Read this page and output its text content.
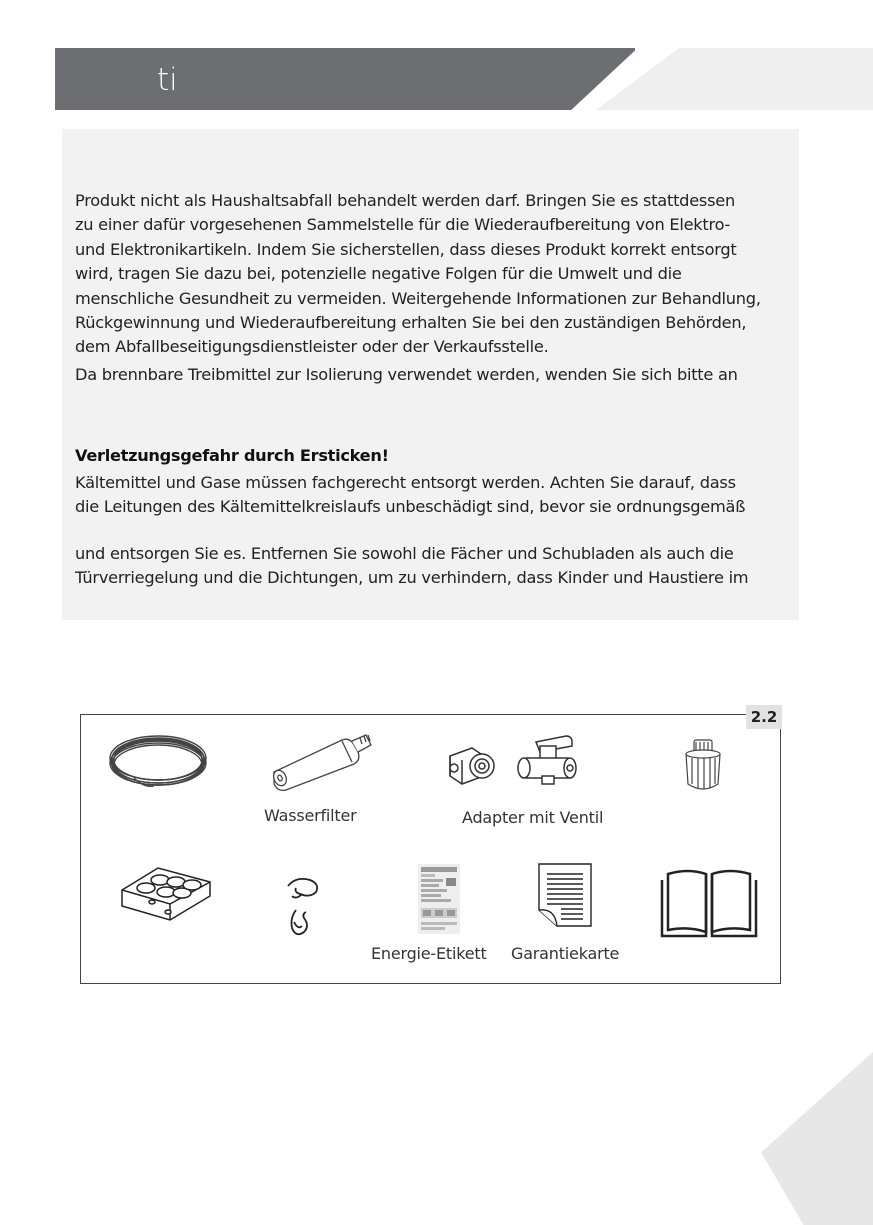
ti

Produkt nicht als Haushaltsabfall behandelt werden darf. Bringen Sie es stattdessen
zu einer dafür vorgesehenen Sammelstelle für die Wiederaufbereitung von Elektro-
und Elektronikartikeln. Indem Sie sicherstellen, dass dieses Produkt korrekt entsorgt
wird, tragen Sie dazu bei, potenzielle negative Folgen für die Umwelt und die
menschliche Gesundheit zu vermeiden. Weitergehende Informationen zur Behandlung,
Rückgewinnung und Wiederaufbereitung erhalten Sie bei den zuständigen Behörden,
dem Abfallbeseitigungsdienstleister oder der Verkaufsstelle.

Da brennbare Treibmittel zur Isolierung verwendet werden, wenden Sie sich bitte an

Verletzungsgefahr durch Ersticken!

Kältemittel und Gase müssen fachgerecht entsorgt werden. Achten Sie darauf, dass
die Leitungen des Kältemittelkreislaufs unbeschädigt sind, bevor sie ordnungsgemäß

und entsorgen Sie es. Entfernen Sie sowohl die Fächer und Schubladen als auch die
Türverriegelung und die Dichtungen, um zu verhindern, dass Kinder und Haustiere im

2.2
Wasserfilter	Adapter mit Ventil
Energie-Etikett Garantiekarte
